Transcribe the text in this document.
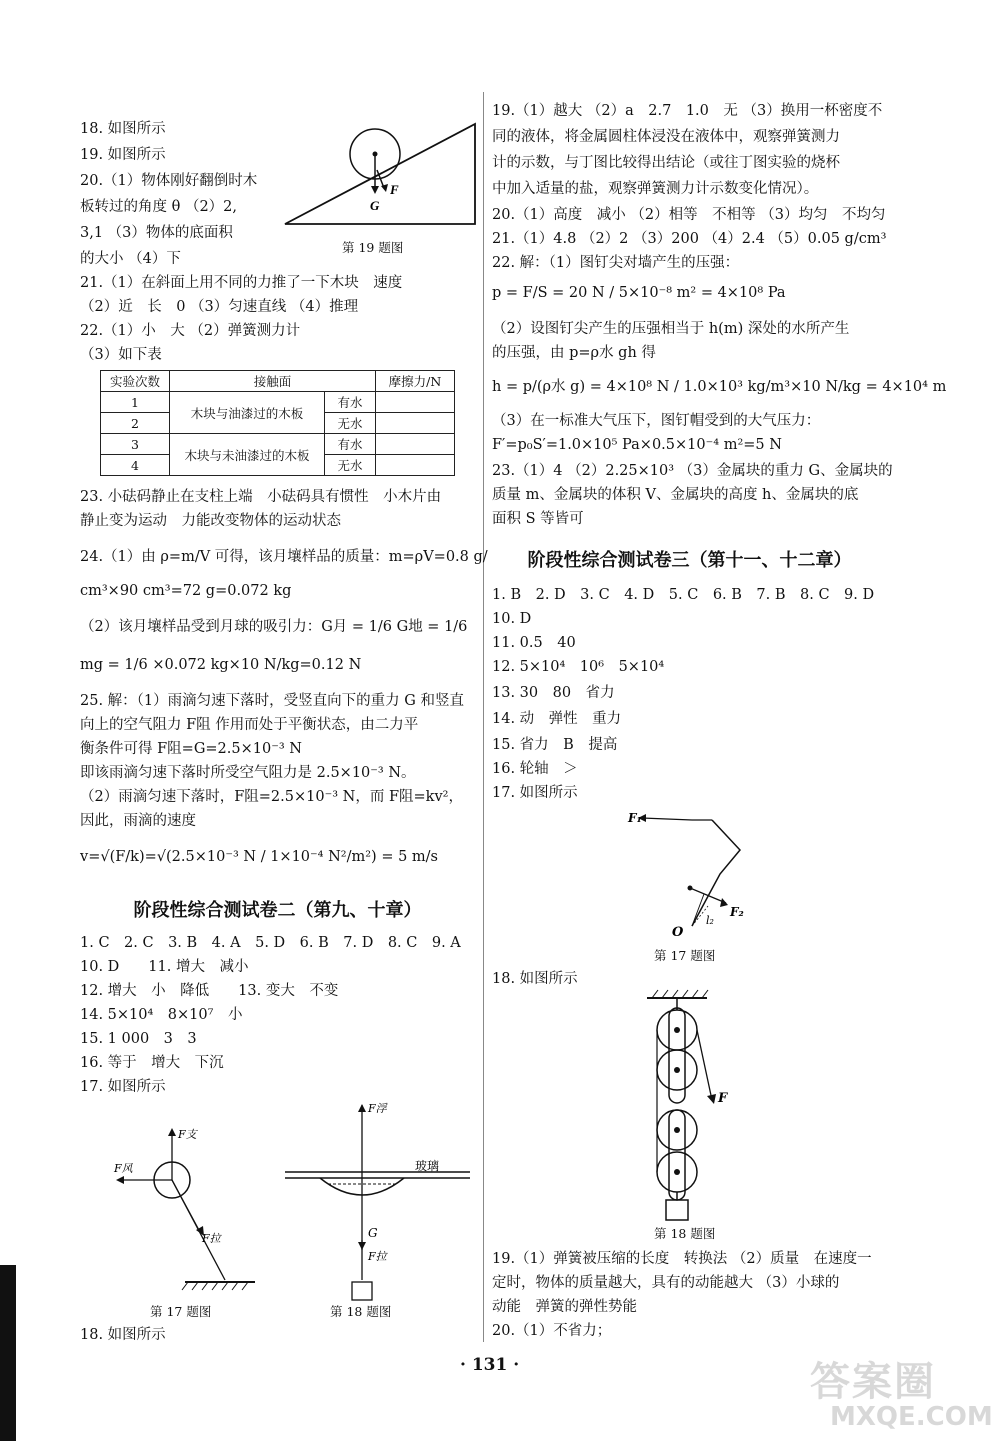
18. 如图所示
19. 如图所示
20.（1）物体刚好翻倒时木
板转过的角度 θ （2）2,
3,1 （3）物体的底面积
的大小 （4）下
G
F
第 19 题图
21.（1）在斜面上用不同的力推了一下木块　速度
（2）近　长　0 （3）匀速直线 （4）推理
22.（1）小　大 （2）弹簧测力计
（3）如下表
实验次数	接触面		摩擦力/N
1	木块与油漆过的木板	有水	
2		无水	
3	木块与未油漆过的木板	有水	
4		无水	
23. 小砝码静止在支柱上端　小砝码具有惯性　小木片由
静止变为运动　力能改变物体的运动状态
24.（1）由 ρ=m/V 可得，该月壤样品的质量：m=ρV=0.8 g/
cm³×90 cm³=72 g=0.072 kg
（2）该月壤样品受到月球的吸引力：G月 = 1/6 G地 = 1/6
mg = 1/6 ×0.072 kg×10 N/kg=0.12 N
25. 解：（1）雨滴匀速下落时，受竖直向下的重力 G 和竖直
向上的空气阻力 F阻 作用而处于平衡状态，由二力平
衡条件可得 F阻=G=2.5×10⁻³ N
即该雨滴匀速下落时所受空气阻力是 2.5×10⁻³ N。
（2）雨滴匀速下落时，F阻=2.5×10⁻³ N，而 F阻=kv²，
因此，雨滴的速度
v=√(F/k)=√(2.5×10⁻³ N / 1×10⁻⁴ N²/m²) = 5 m/s
阶段性综合测试卷二（第九、十章）
1. C　2. C　3. B　4. A　5. D　6. B　7. D　8. C　9. A
10. D　　11. 增大　减小
12. 增大　小　降低　　13. 变大　不变
14. 5×10⁴　8×10⁷　小
15. 1 000　3　3
16. 等于　增大　下沉
17. 如图所示
F支
F风
F拉
第 17 题图
F浮
玻璃
G
F拉
第 18 题图
18. 如图所示
19.（1）越大 （2）a　2.7　1.0　无 （3）换用一杯密度不
同的液体，将金属圆柱体浸没在液体中，观察弹簧测力
计的示数，与丁图比较得出结论（或往丁图实验的烧杯
中加入适量的盐，观察弹簧测力计示数变化情况）。
20.（1）高度　减小 （2）相等　不相等 （3）均匀　不均匀
21.（1）4.8 （2）2 （3）200 （4）2.4 （5）0.05 g/cm³
22. 解：（1）图钉尖对墙产生的压强：
p = F/S = 20 N / 5×10⁻⁸ m² = 4×10⁸ Pa
（2）设图钉尖产生的压强相当于 h(m) 深处的水所产生
的压强，由 p=ρ水 gh 得
h = p/(ρ水 g) = 4×10⁸ N / 1.0×10³ kg/m³×10 N/kg = 4×10⁴ m
（3）在一标准大气压下，图钉帽受到的大气压力：
F′=p₀S′=1.0×10⁵ Pa×0.5×10⁻⁴ m²=5 N
23.（1）4 （2）2.25×10³ （3）金属块的重力 G、金属块的
质量 m、金属块的体积 V、金属块的高度 h、金属块的底
面积 S 等皆可
阶段性综合测试卷三（第十一、十二章）
1. B　2. D　3. C　4. D　5. C　6. B　7. B　8. C　9. D
10. D
11. 0.5　40
12. 5×10⁴　10⁶　5×10⁴
13. 30　80　省力
14. 动　弹性　重力
15. 省力　B　提高
16. 轮轴　＞
17. 如图所示
F₁
F₂
O
l₂
第 17 题图
18. 如图所示
F
第 18 题图
19.（1）弹簧被压缩的长度　转换法 （2）质量　在速度一
定时，物体的质量越大，具有的动能越大 （3）小球的
动能　弹簧的弹性势能
20.（1）不省力；
· 131 ·	答案圈
MXQE.COM
